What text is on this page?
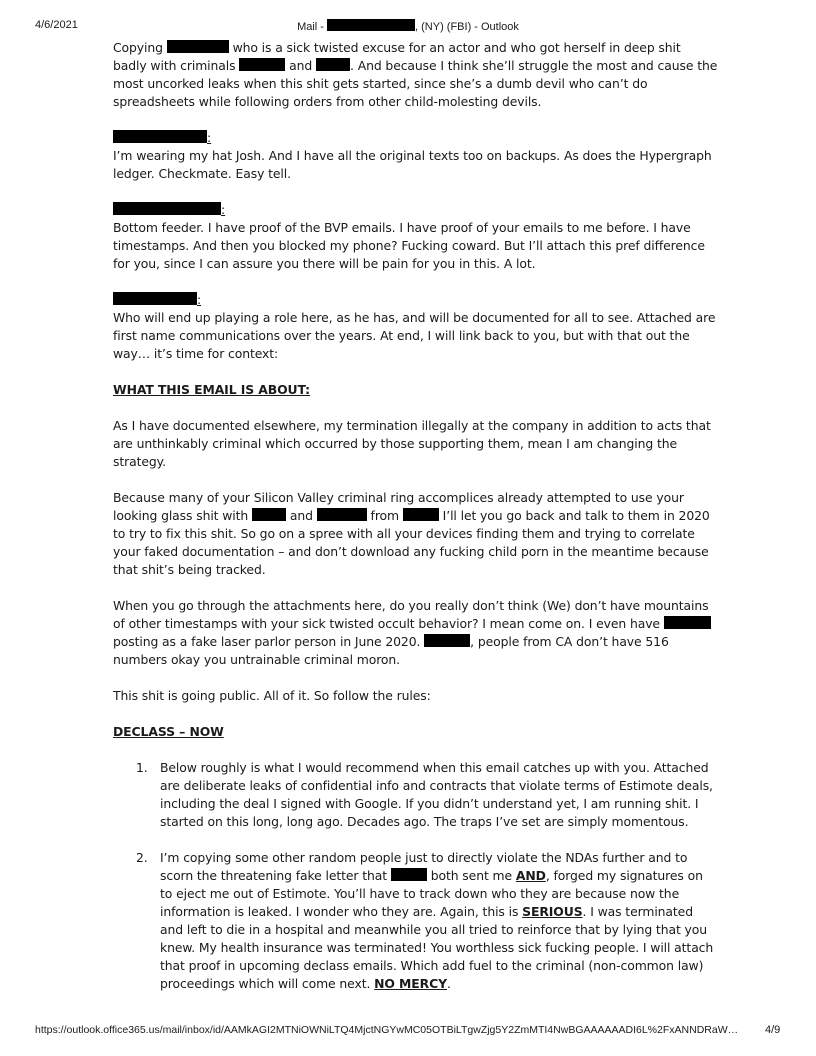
4/6/2021	Mail -	, (NY) (FBI) - Outlook

Copying	who is a sick twisted excuse for an actor and who got herself in deep shit badly with criminals	and	. And because I think she’ll struggle the most and cause the most uncorked leaks when this shit gets started, since she’s a dumb devil who can’t do spreadsheets while following orders from other child-molesting devils.

:

I’m wearing my hat Josh. And I have all the original texts too on backups. As does the Hypergraph ledger. Checkmate. Easy tell.

:

Bottom feeder. I have proof of the BVP emails. I have proof of your emails to me before. I have timestamps. And then you blocked my phone? Fucking coward. But I’ll attach this pref difference for you, since I can assure you there will be pain for you in this. A lot.

:

Who will end up playing a role here, as he has, and will be documented for all to see. Attached are first name communications over the years. At end, I will link back to you, but with that out the way… it’s time for context:

WHAT THIS EMAIL IS ABOUT:

As I have documented elsewhere, my termination illegally at the company in addition to acts that are unthinkably criminal which occurred by those supporting them, mean I am changing the strategy.

Because many of your Silicon Valley criminal ring accomplices already attempted to use your looking glass shit with	and	from	I’ll let you go back and talk to them in 2020 to try to fix this shit. So go on a spree with all your devices finding them and trying to correlate your faked documentation – and don’t download any fucking child porn in the meantime because that shit’s being tracked.

When you go through the attachments here, do you really don’t think (We) don’t have mountains of other timestamps with your sick twisted occult behavior? I mean come on. I even have  posting as a fake laser parlor person in June 2020.	, people from CA don’t have 516 numbers okay you untrainable criminal moron.

This shit is going public. All of it. So follow the rules:

DECLASS – NOW

1. Below roughly is what I would recommend when this email catches up with you. Attached are deliberate leaks of confidential info and contracts that violate terms of Estimote deals, including the deal I signed with Google. If you didn’t understand yet, I am running shit. I started on this long, long ago. Decades ago. The traps I’ve set are simply momentous.
2. I’m copying some other random people just to directly violate the NDAs further and to scorn the threatening fake letter that	both sent me AND, forged my signatures on to eject me out of Estimote. You’ll have to track down who they are because now the information is leaked. I wonder who they are. Again, this is SERIOUS. I was terminated and left to die in a hospital and meanwhile you all tried to reinforce that by lying that you knew. My health insurance was terminated! You worthless sick fucking people. I will attach that proof in upcoming declass emails. Which add fuel to the criminal (non-common law) proceedings which will come next. NO MERCY.
https://outlook.office365.us/mail/inbox/id/AAMkAGI2MTNiOWNiLTQ4MjctNGYwMC05OTBiLTgwZjg5Y2ZmMTI4NwBGAAAAAADI6L%2FxANNDRaW… 4/9
